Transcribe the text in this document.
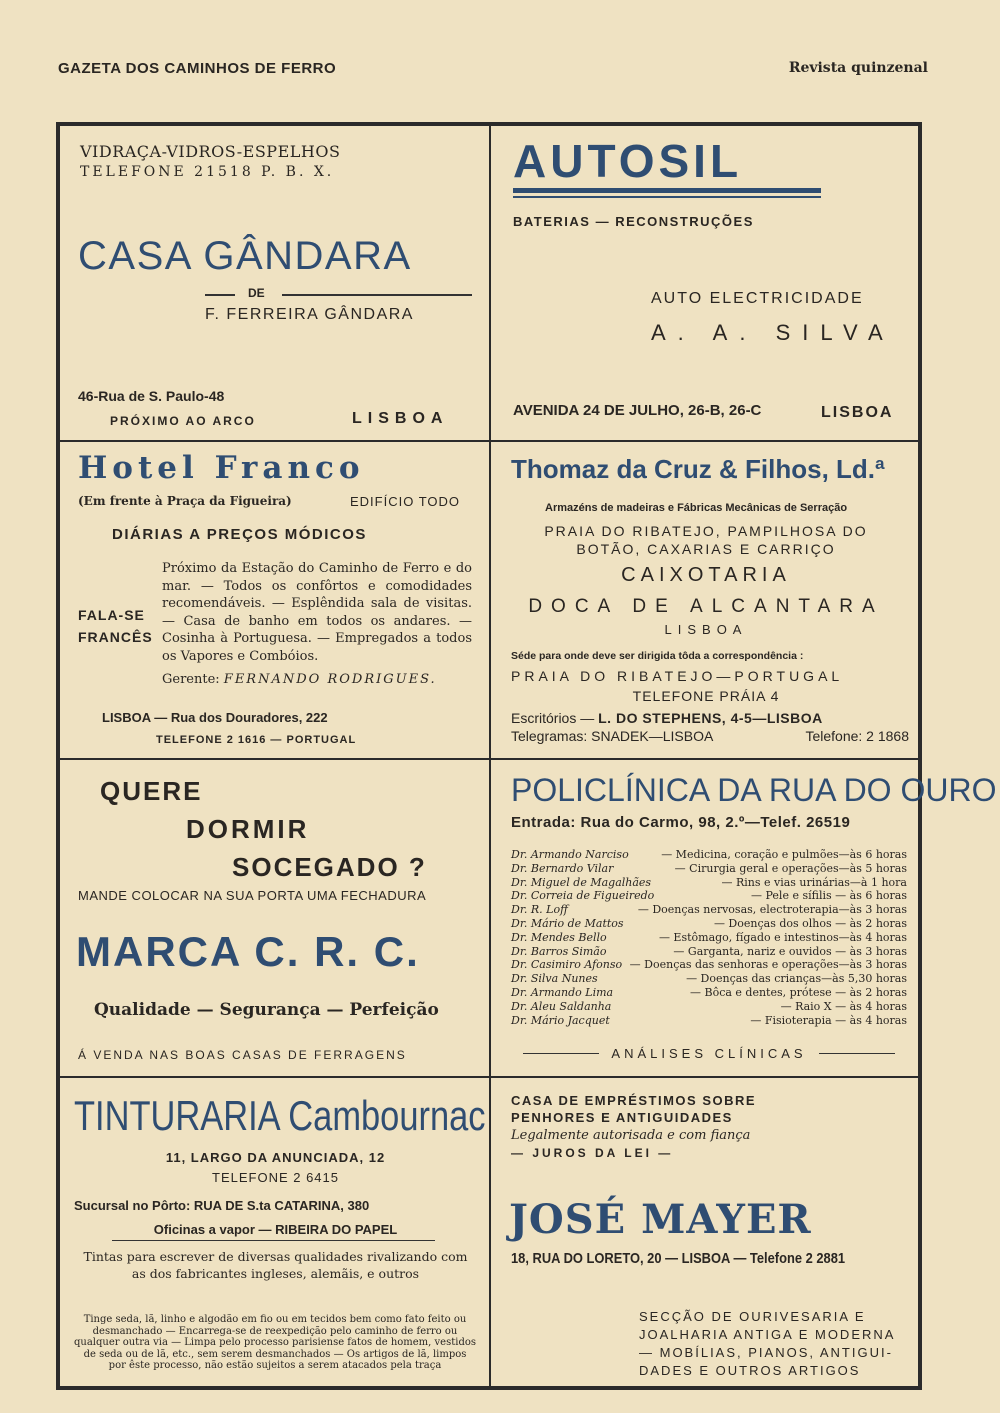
GAZETA DOS CAMINHOS DE FERRO	Revista quinzenal
VIDRAÇA-VIDROS-ESPELHOS
TELEFONE 21518 P. B. X.
CASA GÂNDARA
DE
F. FERREIRA GÂNDARA
46-Rua de S. Paulo-48
PRÓXIMO AO ARCO	LISBOA
AUTOSIL
BATERIAS — RECONSTRUÇÕES
AUTO ELECTRICIDADE
A. A. SILVA
AVENIDA 24 DE JULHO, 26-B, 26-C	LISBOA
Hotel Franco
(Em frente à Praça da Figueira)	EDIFÍCIO TODO
DIÁRIAS A PREÇOS MÓDICOS
Próximo da Estação do Caminho de Ferro e do mar. — Todos os confôrtos e comodidades recomendáveis. — Esplêndida sala de visitas. — Casa de banho em todos os andares. — Cosinha à Portuguesa. — Empregados a todos os Vapores e Combóios.
FALA-SE
FRANCÊS
Gerente: FERNANDO RODRIGUES.
LISBOA — Rua dos Douradores, 222
TELEFONE 2 1616 — PORTUGAL
Thomaz da Cruz & Filhos, Ld.ª
Armazéns de madeiras e Fábricas Mecânicas de Serração
PRAIA DO RIBATEJO, PAMPILHOSA DO BOTÃO, CAXARIAS E CARRIÇO
CAIXOTARIA
DOCA DE ALCANTARA
LISBOA
Séde para onde deve ser dirigida tôda a correspondência :
PRAIA DO RIBATEJO—PORTUGAL
TELEFONE PRÁIA 4
Escritórios — L. DO STEPHENS, 4-5—LISBOA
Telegramas: SNADEK—LISBOA	Telefone: 2 1868
QUERE
DORMIR
SOCEGADO ?
MANDE COLOCAR NA SUA PORTA UMA FECHADURA
MARCA C. R. C.
Qualidade — Segurança — Perfeição
Á VENDA NAS BOAS CASAS DE FERRAGENS
POLICLÍNICA DA RUA DO OURO
Entrada: Rua do Carmo, 98, 2.º—Telef. 26519
Dr. Armando Narciso	— Medicina, coração e pulmões—às 6 horas
Dr. Bernardo Vilar	— Cirurgia geral e operações—às 5 horas
Dr. Miguel de Magalhães	— Rins e vias urinárias—à 1 hora
Dr. Correia de Figueiredo	— Pele e sífilis — às 6 horas
Dr. R. Loff	— Doenças nervosas, electroterapia—às 3 horas
Dr. Mário de Mattos	— Doenças dos olhos — às 2 horas
Dr. Mendes Bello	— Estômago, fígado e intestinos—às 4 horas
Dr. Barros Simão	— Garganta, nariz e ouvidos — às 3 horas
Dr. Casimiro Afonso — Doenças das senhoras e operações—às 3 horas
Dr. Silva Nunes	— Doenças das crianças—às 5,30 horas
Dr. Armando Lima	— Bôca e dentes, prótese — às 2 horas
Dr. Aleu Saldanha	— Raio X — às 4 horas
Dr. Mário Jacquet	— Fisioterapia — às 4 horas
ANÁLISES CLÍNICAS
TINTURARIA Cambournac
11, LARGO DA ANUNCIADA, 12
TELEFONE 2 6415
Sucursal no Pôrto: RUA DE S.ta CATARINA, 380
Oficinas a vapor — RIBEIRA DO PAPEL
Tintas para escrever de diversas qualidades rivalizando com as dos fabricantes ingleses, alemãis, e outros
Tinge seda, lã, linho e algodão em fio ou em tecidos bem como fato feito ou desmanchado — Encarrega-se de reexpedição pelo caminho de ferro ou qualquer outra via — Limpa pelo processo parisiense fatos de homem, vestidos de seda ou de lã, etc., sem serem desmanchados — Os artigos de lã, limpos por êste processo, não estão sujeitos a serem atacados pela traça
CASA DE EMPRÉSTIMOS SOBRE
PENHORES E ANTIGUIDADES
Legalmente autorisada e com fiança
— JUROS DA LEI —
JOSÉ MAYER
18, RUA DO LORETO, 20 — LISBOA — Telefone 2 2881
SECÇÃO DE OURIVESARIA E
JOALHARIA ANTIGA E MODERNA
— MOBÍLIAS, PIANOS, ANTIGUI-
DADES E OUTROS ARTIGOS
